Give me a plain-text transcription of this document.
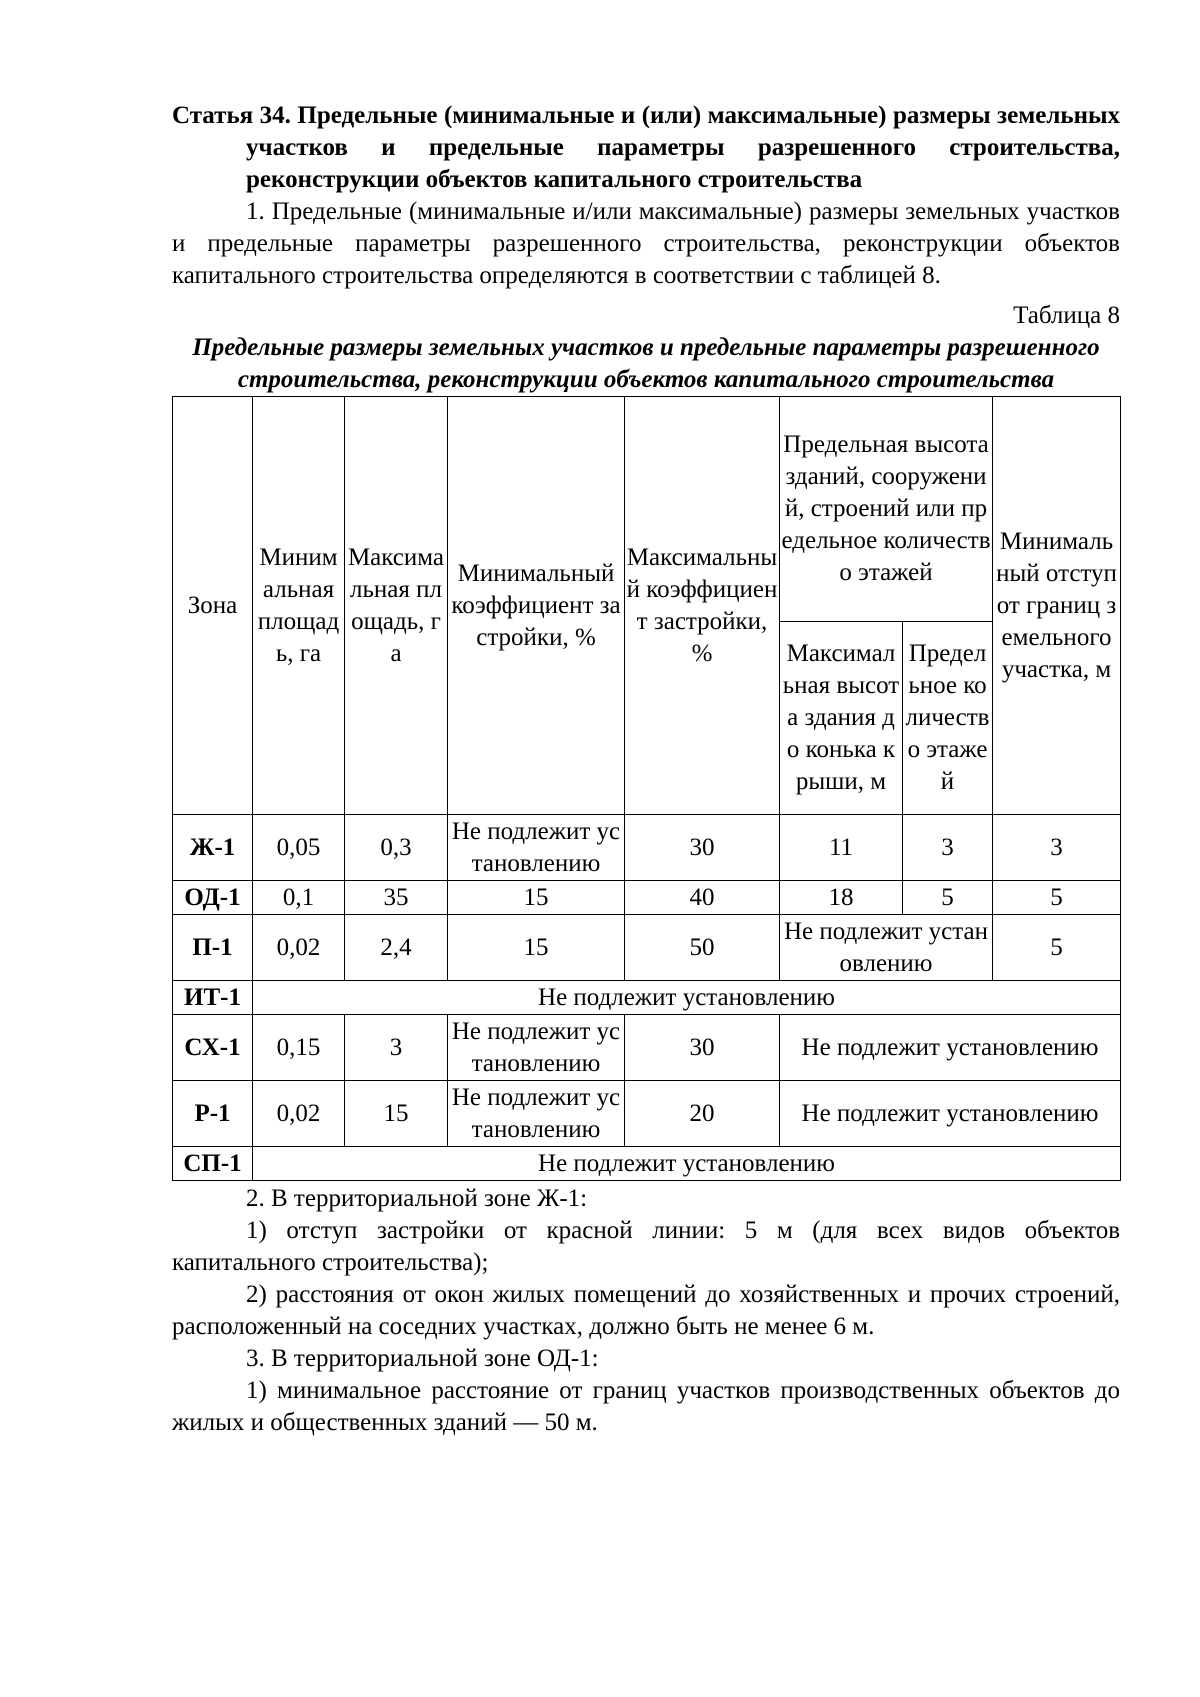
Статья 34. Предельные (минимальные и (или) максимальные) размеры земельных участков и предельные параметры разрешенного строительства, реконструкции объектов капитального строительства

1. Предельные (минимальные и/или максимальные) размеры земельных участков и предельные параметры разрешенного строительства, реконструкции объектов капитального строительства определяются в соответствии с таблицей 8.

Таблица 8

Предельные размеры земельных участков и предельные параметры разрешенного строительства, реконструкции объектов капитального строительства

Зона	Минимальная площадь, га	Максимальная площадь, га	Минимальный коэффициент застройки, %	Максимальный коэффициент застройки, %	Предельная высота зданий, сооружений, строений или предельное количество этажей		Минимальный отступ от границ земельного участка, м
					Максимальная высота здания до конька крыши, м	Предельное количество этажей	
Ж-1	0,05	0,3	Не подлежит установлению	30	11	3	3
ОД-1	0,1	35	15	40	18	5	5
П-1	0,02	2,4	15	50	Не подлежит установлению		5
ИТ-1	Не подлежит установлению						
СХ-1	0,15	3	Не подлежит установлению	30	Не подлежит установлению		
Р-1	0,02	15	Не подлежит установлению	20	Не подлежит установлению		
СП-1	Не подлежит установлению						

2. В территориальной зоне Ж-1:

1) отступ застройки от красной линии: 5 м (для всех видов объектов капитального строительства);

2) расстояния от окон жилых помещений до хозяйственных и прочих строений, расположенный на соседних участках, должно быть не менее 6 м.

3. В территориальной зоне ОД-1:

1) минимальное расстояние от границ участков производственных объектов до жилых и общественных зданий — 50 м.
